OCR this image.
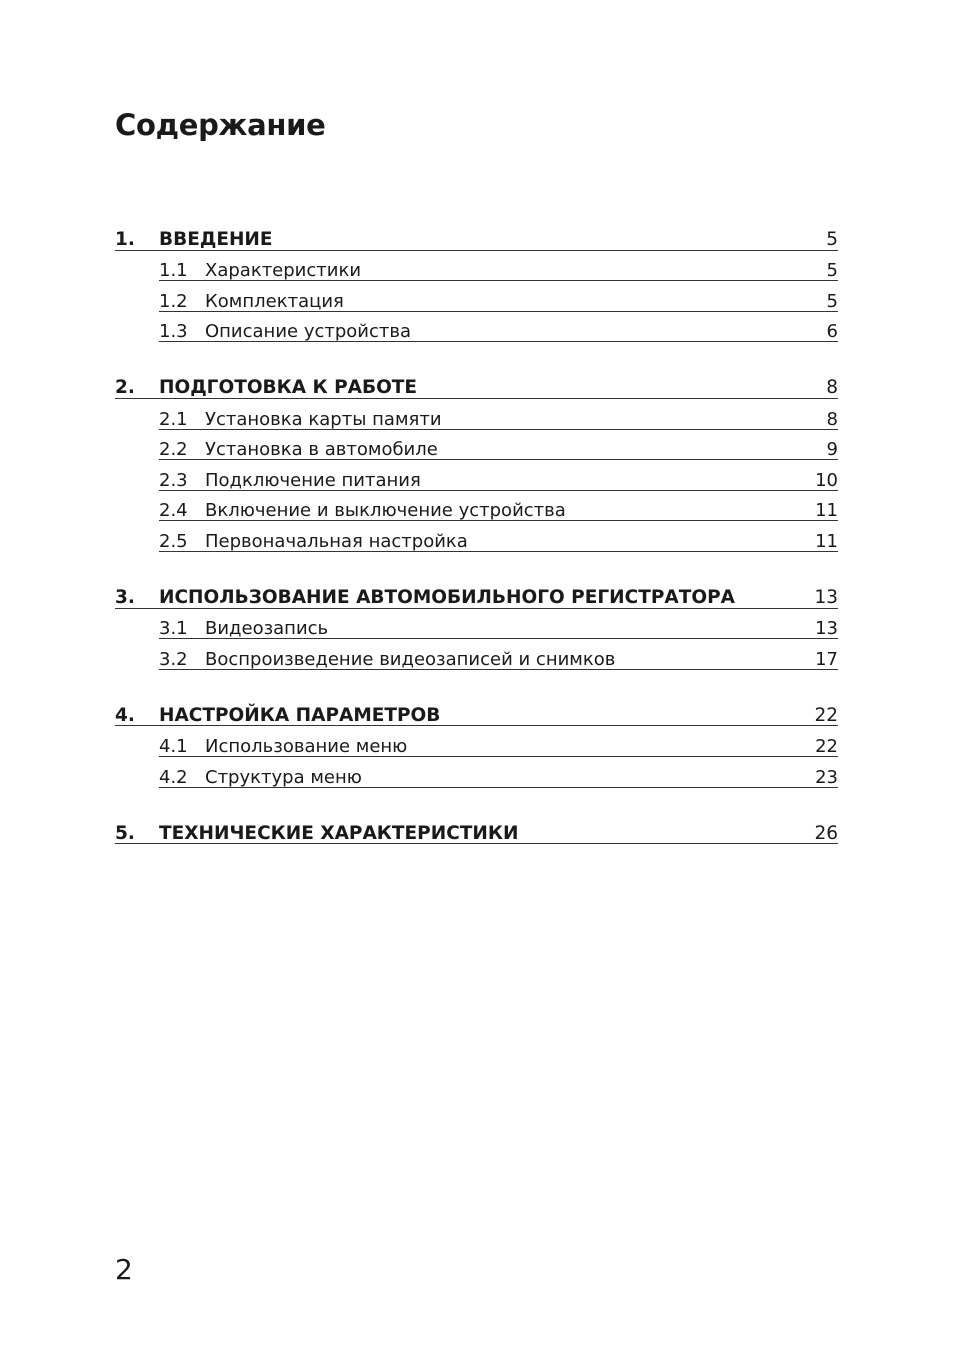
Содержание
1. ВВЕДЕНИЕ	5
1.1 Характеристики	5
1.2 Комплектация	5
1.3 Описание устройства	6
2. ПОДГОТОВКА К РАБОТЕ	8
2.1 Установка карты памяти	8
2.2 Установка в автомобиле	9
2.3 Подключение питания	10
2.4 Включение и выключение устройства	11
2.5 Первоначальная настройка	11
3. ИСПОЛЬЗОВАНИЕ АВТОМОБИЛЬНОГО РЕГИСТРАТОРА	13
3.1 Видеозапись	13
3.2 Воспроизведение видеозаписей и снимков	17
4. НАСТРОЙКА ПАРАМЕТРОВ	22
4.1 Использование меню	22
4.2 Структура меню	23
5. ТЕХНИЧЕСКИЕ ХАРАКТЕРИСТИКИ	26
2
